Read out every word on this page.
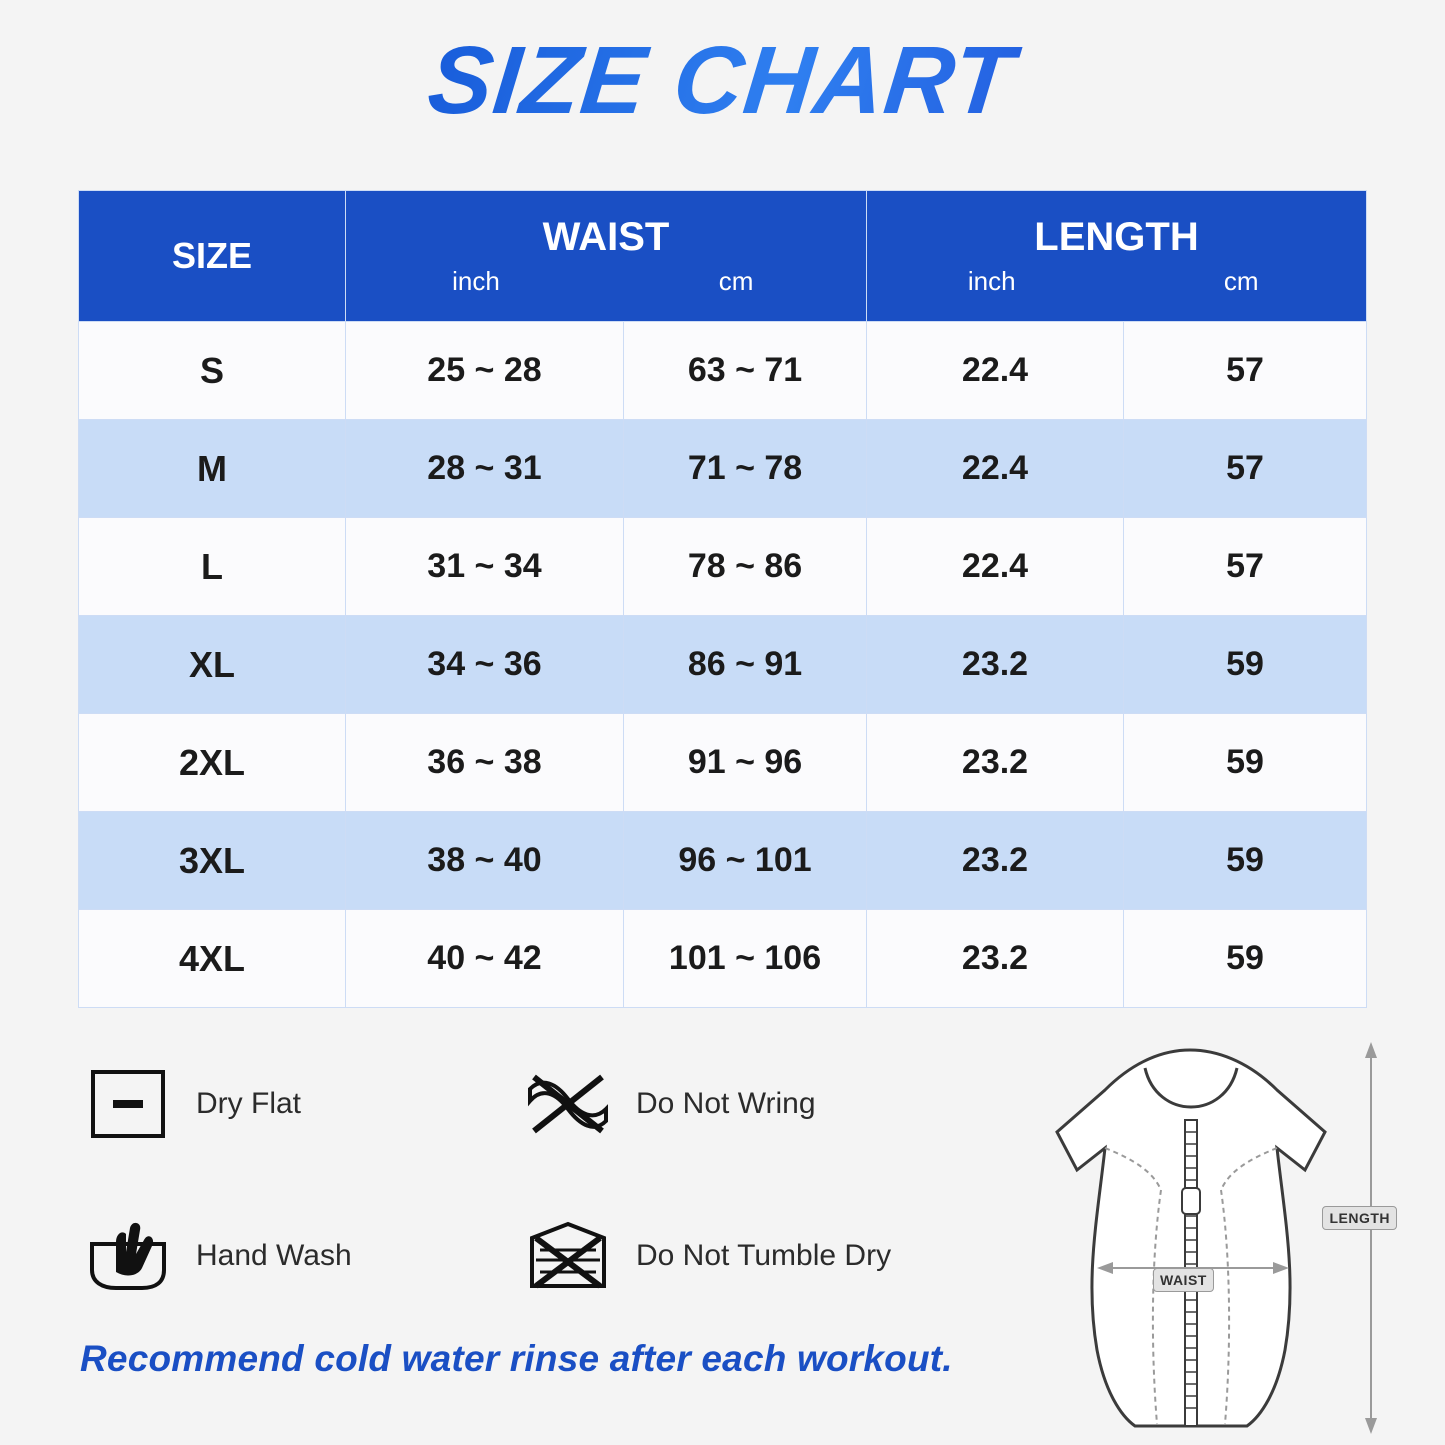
SIZE CHART
SIZE	WAIST
inch	cm

LENGTH
inch	cm

S	25 ~ 28	63 ~ 71	22.4	57
M	28 ~ 31	71 ~ 78	22.4	57
L	31 ~ 34	78 ~ 86	22.4	57
XL	34 ~ 36	86 ~ 91	23.2	59
2XL	36 ~ 38	91 ~ 96	23.2	59
3XL	38 ~ 40	96 ~ 101	23.2	59
4XL	40 ~ 42	101 ~ 106	23.2	59
Dry Flat	Do Not Wring
Hand Wash	Do Not Tumble Dry
Recommend cold water rinse after each workout.
LENGTH
WAIST
